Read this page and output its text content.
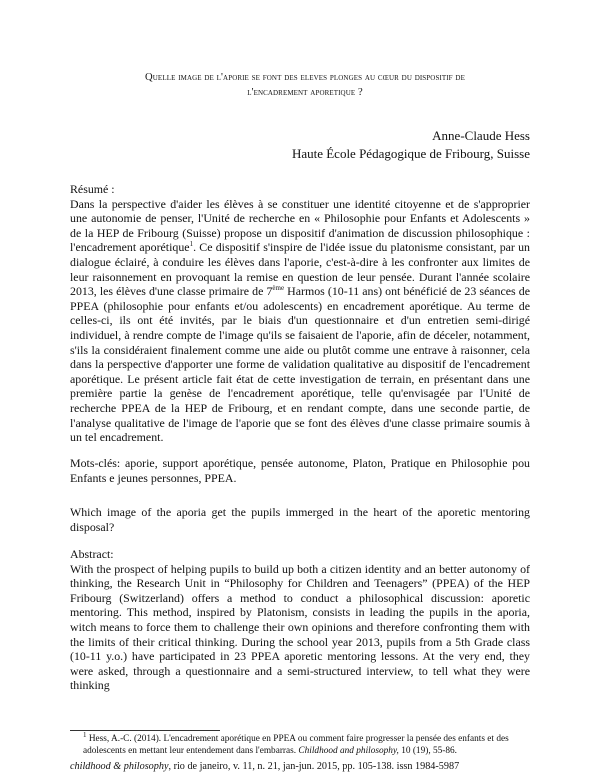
Quelle image de l'aporie se font des eleves plonges au cœur du dispositif de
l'encadrement aporetique ?
Anne-Claude Hess
Haute École Pédagogique de Fribourg, Suisse
Résumé :
Dans la perspective d'aider les élèves à se constituer une identité citoyenne et de s'approprier une autonomie de penser, l'Unité de recherche en « Philosophie pour Enfants et Adolescents » de la HEP de Fribourg (Suisse) propose un dispositif d'animation de discussion philosophique : l'encadrement aporétique$^1$. Ce dispositif s'inspire de l'idée issue du platonisme consistant, par un dialogue éclairé, à conduire les élèves dans l'aporie, c'est-à-dire à les confronter aux limites de leur raisonnement en provoquant la remise en question de leur pensée. Durant l'année scolaire 2013, les élèves d'une classe primaire de 7ème Harmos (10-11 ans) ont bénéficié de 23 séances de PPEA (philosophie pour enfants et/ou adolescents) en encadrement aporétique. Au terme de celles-ci, ils ont été invités, par le biais d'un questionnaire et d'un entretien semi-dirigé individuel, à rendre compte de l'image qu'ils se faisaient de l'aporie, afin de déceler, notamment, s'ils la considéraient finalement comme une aide ou plutôt comme une entrave à raisonner, cela dans la perspective d'apporter une forme de validation qualitative au dispositif de l'encadrement aporétique. Le présent article fait état de cette investigation de terrain, en présentant dans une première partie la genèse de l'encadrement aporétique, telle qu'envisagée par l'Unité de recherche PPEA de la HEP de Fribourg, et en rendant compte, dans une seconde partie, de l'analyse qualitative de l'image de l'aporie que se font des élèves d'une classe primaire soumis à un tel encadrement.
Mots-clés: aporie, support aporétique, pensée autonome, Platon, Pratique en Philosophie pou Enfants e jeunes personnes, PPEA.
Which image of the aporia get the pupils immerged in the heart of the aporetic mentoring disposal?
Abstract:
With the prospect of helping pupils to build up both a citizen identity and an better autonomy of thinking, the Research Unit in “Philosophy for Children and Teenagers” (PPEA) of the HEP Fribourg (Switzerland) offers a method to conduct a philosophical discussion: aporetic mentoring. This method, inspired by Platonism, consists in leading the pupils in the aporia, witch means to force them to challenge their own opinions and therefore confronting them with the limits of their critical thinking. During the school year 2013, pupils from a 5th Grade class (10-11 y.o.) have participated in 23 PPEA aporetic mentoring lessons. At the very end, they were asked, through a questionnaire and a semi-structured interview, to tell what they were thinking
$^1$ Hess, A.-C. (2014). L'encadrement aporétique en PPEA ou comment faire progresser la pensée des enfants et des adolescents en mettant leur entendement dans l'embarras. Childhood and philosophy, 10 (19), 55-86.
childhood & philosophy, rio de janeiro, v. 11, n. 21, jan-jun. 2015, pp. 105-138. issn 1984-5987
